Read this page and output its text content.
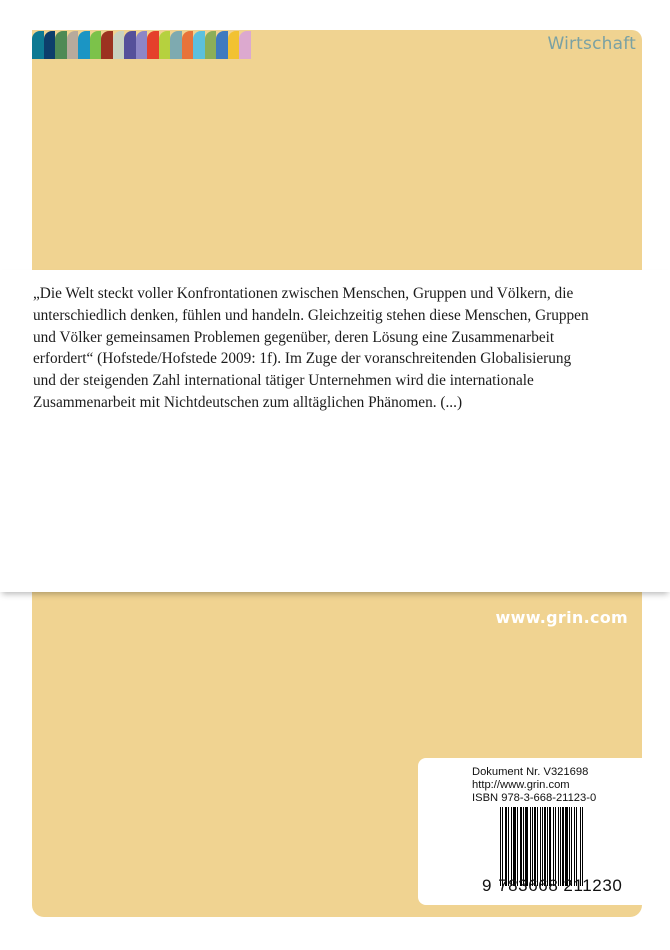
Wirtschaft

„Die Welt steckt voller Konfrontationen zwischen Menschen, Gruppen und Völkern, die
unterschiedlich denken, fühlen und handeln. Gleichzeitig stehen diese Menschen, Gruppen
und Völker gemeinsamen Problemen gegenüber, deren Lösung eine Zusammenarbeit
erfordert“ (Hofstede/Hofstede 2009: 1f). Im Zuge der voranschreitenden Globalisierung
und der steigenden Zahl international tätiger Unternehmen wird die internationale
Zusammenarbeit mit Nichtdeutschen zum alltäglichen Phänomen. (...)

www.grin.com
Dokument Nr. V321698
http://www.grin.com
ISBN 978-3-668-21123-0
9 783668 211230
